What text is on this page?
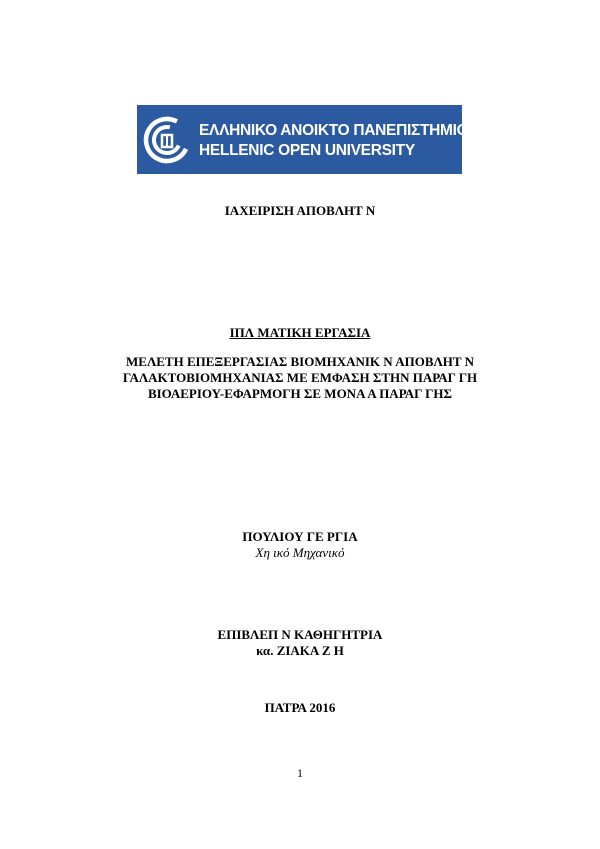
ΕΛΛΗΝΙΚΟ ΑΝΟΙΚΤΟ ΠΑΝΕΠΙΣΤΗΜΙΟ
HELLENIC OPEN UNIVERSITY
ΙΑΧΕΙΡΙΣΗ ΑΠΟΒΛΗΤ Ν
ΙΠΛ ΜΑΤΙΚΗ ΕΡΓΑΣΙΑ
ΜΕΛΕΤΗ ΕΠΕΞΕΡΓΑΣΙΑΣ ΒΙΟΜΗΧΑΝΙΚ Ν ΑΠΟΒΛΗΤ Ν
ΓΑΛΑΚΤΟΒΙΟΜΗΧΑΝΙΑΣ ΜΕ ΕΜΦΑΣΗ ΣΤΗΝ ΠΑΡΑΓ ΓΗ
ΒΙΟΑΕΡΙΟΥ-ΕΦΑΡΜΟΓΗ ΣΕ ΜΟΝΑ Α ΠΑΡΑΓ ΓΗΣ
ΠΟΥΛΙΟΥ ΓΕ ΡΓΙΑ
Χη ικό Μηχανικό
ΕΠΙΒΛΕΠ Ν ΚΑΘΗΓΗΤΡΙΑ
κα. ΖΙΑΚΑ Ζ Η
ΠΑΤΡΑ 2016
1
